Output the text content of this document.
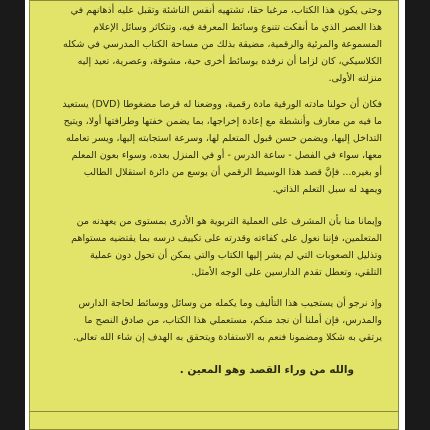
وحتى يكون هذا الكتاب، مرغبا حقا، تشتهيه أنفس الناشئة وتقبل عليه أذهانهم في هذا العصر الذي ما أنفكت تتنوع وسائط المعرفة فيه، وتتكاثر وسائل الإعلام المسموعة والمرئية والرقمية، مضيقة بذلك من مساحة الكتاب المدرسي في شكله الكلاسيكي، كان لزاما أن نرفده بوسائط أخرى حية، مشوقة، وعصرية، تعيد إليه منزلته الأولى.

فكان أن حولنا مادته الورقية مادة رقمية، ووضعنا له قرصا مضغوطا (DVD) يستعيد ما فيه من معارف وأنشطة مع إعادة إخراجها، بما يضمن خفتها وطرافتها أولا، ويتيح التداخل إليها، ويضمن حسن قبول المتعلم لها، وسرعة استجابته إليها، ويسر تعامله معها، سواء في الفصل - ساعة الدرس - أو في المنزل بعده، وسواء بعون المعلم أو بغيره... فإنَّ قصد هذا الوسيط الرقمي أن يوسع من دائرة استقلال الطالب ويمهد له سبل التعلم الذاتي.

وإيمانا منا بأن المشرف على العملية التربوية هو الأدرى بمستوى من يعهدنه من المتعلمين، فإننا نعول على كفاءته وقدرته على تكييف درسه بما يقتضيه مستواهم وتذليل الصعوبات التي لم يشر إليها الكتاب والتي يمكن أن تحول دون عملية التلقي، وتعطل تقدم الدارسين على الوجه الأمثل.

وإذ نرجو أن يستجيب هذا التأليف وما يكمله من وسائل ووسائط لحاجة الدارس والمدرس، فإن أملنا أن نجد منكم، مستعملي هذا الكتاب، من صادق النصح ما يرتقي به شكلا ومضمونا فنعم به الاستفادة ويتحقق به الهدف إن شاء الله تعالى.

والله من وراء القصد وهو المعين .
